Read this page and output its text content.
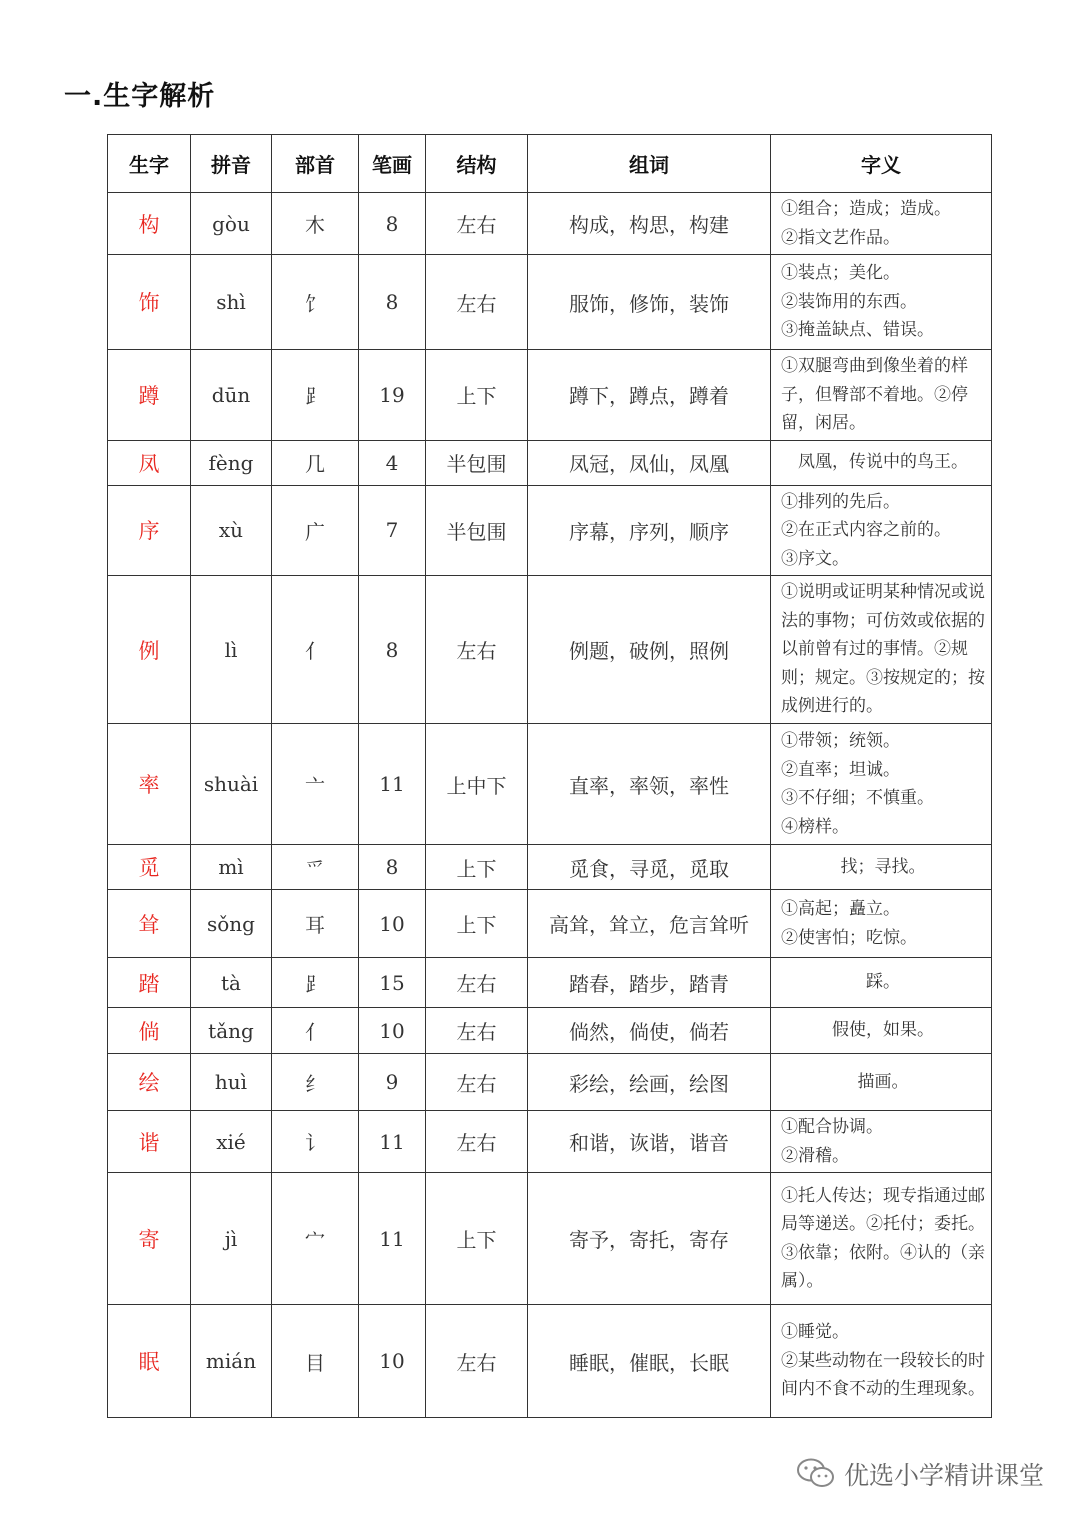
一.生字解析
生字	拼音	部首	笔画	结构	组词	字义
构	gòu	木	8	左右	构成，构思，构建	①组合；造成；造成。
②指文艺作品。
饰	shì	饣	8	左右	服饰，修饰，装饰	①装点；美化。
②装饰用的东西。
③掩盖缺点、错误。
蹲	dūn	⻊	19	上下	蹲下，蹲点，蹲着	①双腿弯曲到像坐着的样子，但臀部不着地。②停留，闲居。
凤	fèng	几	4	半包围	凤冠，凤仙，凤凰	凤凰，传说中的鸟王。
序	xù	广	7	半包围	序幕，序列，顺序	①排列的先后。
②在正式内容之前的。
③序文。
例	lì	亻	8	左右	例题，破例，照例	①说明或证明某种情况或说法的事物；可仿效或依据的以前曾有过的事情。②规则；规定。③按规定的；按成例进行的。
率	shuài	亠	11	上中下	直率，率领，率性	①带领；统领。
②直率；坦诚。
③不仔细；不慎重。
④榜样。
觅	mì	爫	8	上下	觅食，寻觅，觅取	找；寻找。
耸	sǒng	耳	10	上下	高耸，耸立，危言耸听	①高起；矗立。
②使害怕；吃惊。
踏	tà	⻊	15	左右	踏春，踏步，踏青	踩。
倘	tǎng	亻	10	左右	倘然，倘使，倘若	假使，如果。
绘	huì	纟	9	左右	彩绘，绘画，绘图	描画。
谐	xié	讠	11	左右	和谐，诙谐，谐音	①配合协调。
②滑稽。
寄	jì	宀	11	上下	寄予，寄托，寄存	①托人传达；现专指通过邮局等递送。②托付；委托。③依靠；依附。④认的（亲属）。
眠	mián	目	10	左右	睡眠，催眠，长眠	①睡觉。
②某些动物在一段较长的时间内不食不动的生理现象。
优选小学精讲课堂
